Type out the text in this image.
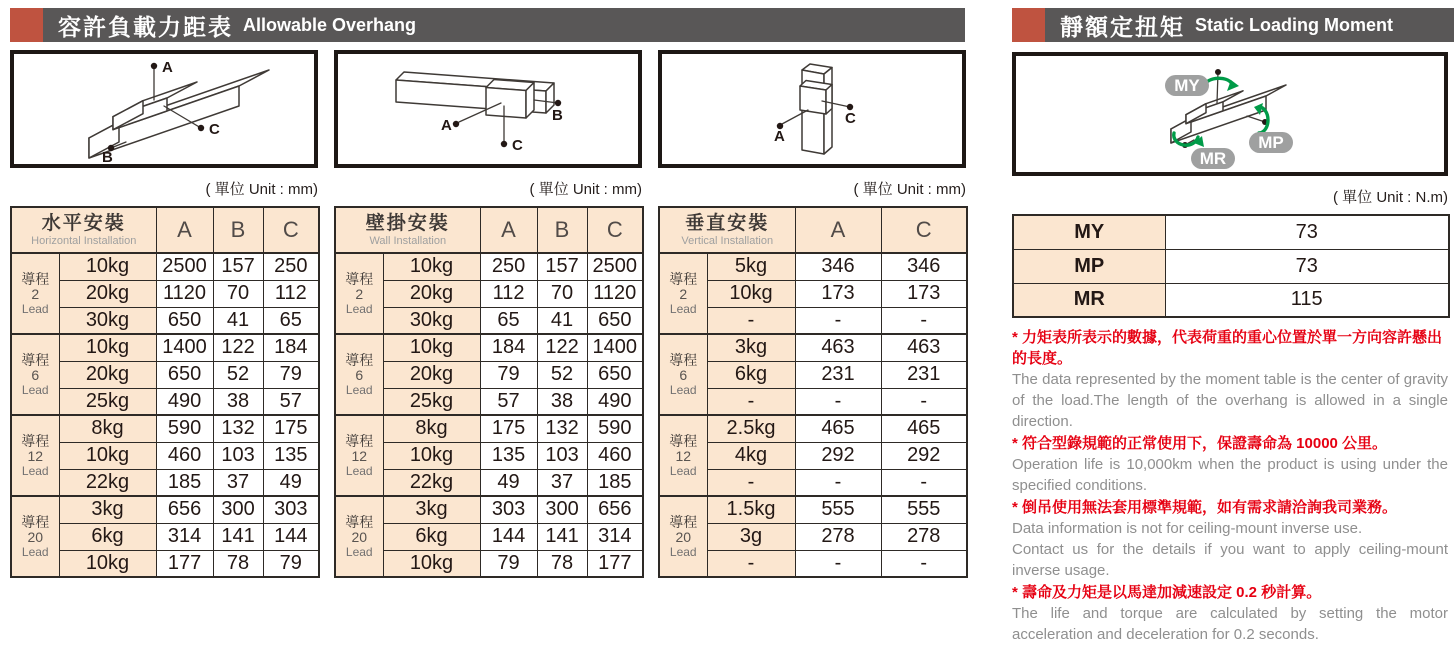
容許負載力距表 Allowable Overhang	靜額定扭矩 Static Loading Moment
A
C
B
( 單位 Unit : mm)
水平安裝
Horizontal Installation		A	B	C

導程
2
Lead	10kg	2500	157	250
	20kg	1120	70	112
	30kg	650	41	65

導程
6
Lead	10kg	1400	122	184
	20kg	650	52	79
	25kg	490	38	57

導程
12
Lead	8kg	590	132	175
	10kg	460	103	135
	22kg	185	37	49

導程
20
Lead	3kg	656	300	303
	6kg	314	141	144
	10kg	177	78	79
B
A
C
( 單位 Unit : mm)
壁掛安裝
Wall Installation		A	B	C

導程
2
Lead	10kg	250	157	2500
	20kg	112	70	1120
	30kg	65	41	650

導程
6
Lead	10kg	184	122	1400
	20kg	79	52	650
	25kg	57	38	490

導程
12
Lead	8kg	175	132	590
	10kg	135	103	460
	22kg	49	37	185

導程
20
Lead	3kg	303	300	656
	6kg	144	141	314
	10kg	79	78	177
A
C
( 單位 Unit : mm)
垂直安裝
Vertical Installation		A	C

導程
2
Lead	5kg	346	346
	10kg	173	173
	-	-	-

導程
6
Lead	3kg	463	463
	6kg	231	231
	-	-	-

導程
12
Lead	2.5kg	465	465
	4kg	292	292
	-	-	-

導程
20
Lead	1.5kg	555	555
	3g	278	278
	-	-	-
MY
MP
MR
( 單位 Unit : N.m)
MY	73
MP	73
MR	115
* 力矩表所表示的數據，代表荷重的重心位置於單一方向容許懸出的長度。
The data represented by the moment table is the center of gravity of the load.The length of the overhang is allowed in a single direction.
* 符合型錄規範的正常使用下，保證壽命為 10000 公里。
Operation life is 10,000km when the product is using under the specified conditions.
* 倒吊使用無法套用標準規範，如有需求請洽詢我司業務。
Data information is not for ceiling-mount inverse use.
Contact us for the details if you want to apply ceiling-mount inverse usage.
* 壽命及力矩是以馬達加減速設定 0.2 秒計算。
The life and torque are calculated by setting the motor acceleration and deceleration for 0.2 seconds.
